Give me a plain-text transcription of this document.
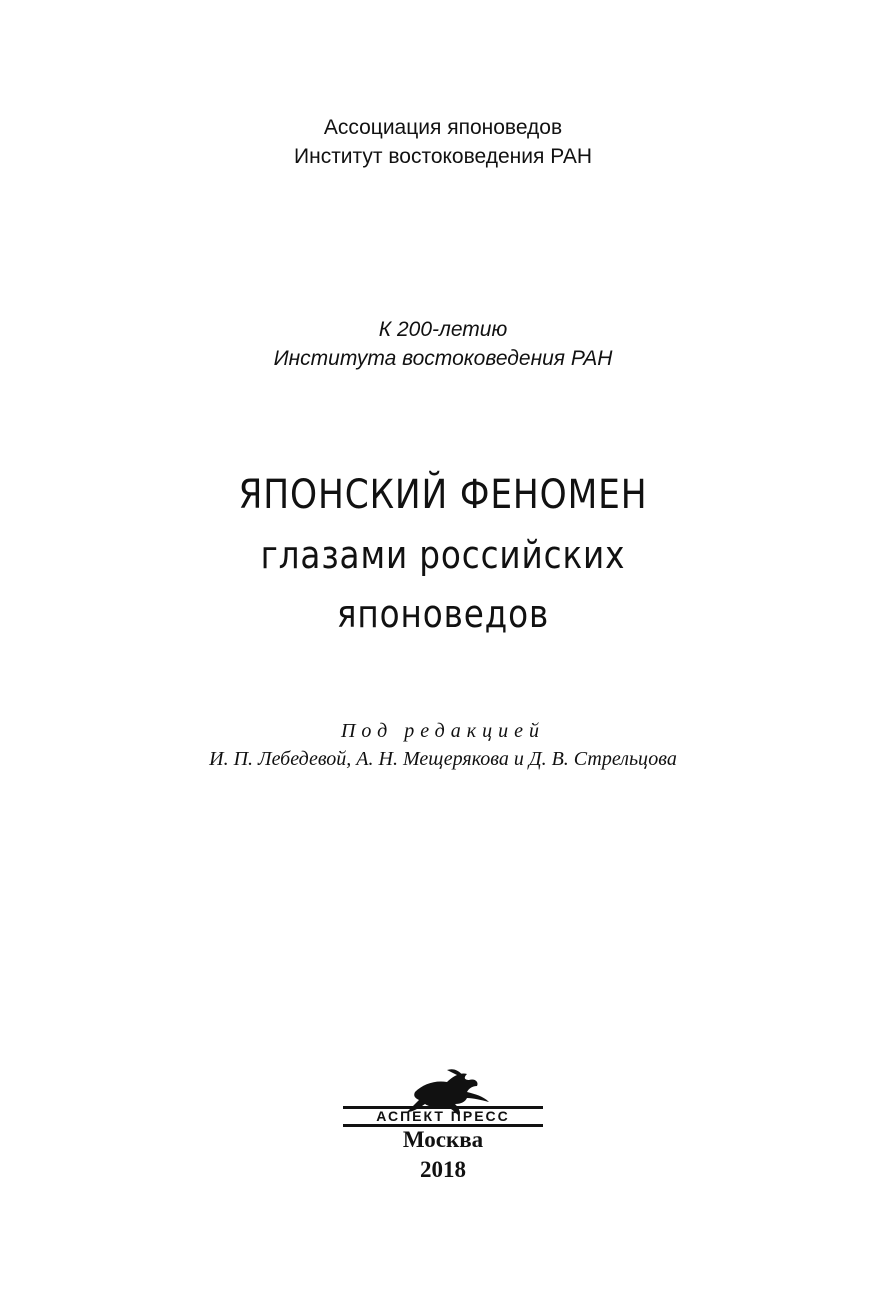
Ассоциация японоведов
Институт востоковедения РАН
К 200-летию
Института востоковедения РАН
ЯПОНСКИЙ ФЕНОМЕН
глазами российских
японоведов
Под редакцией
И. П. Лебедевой, А. Н. Мещерякова и Д. В. Стрельцова
АСПЕКТ ПРЕСС
Москва
2018
